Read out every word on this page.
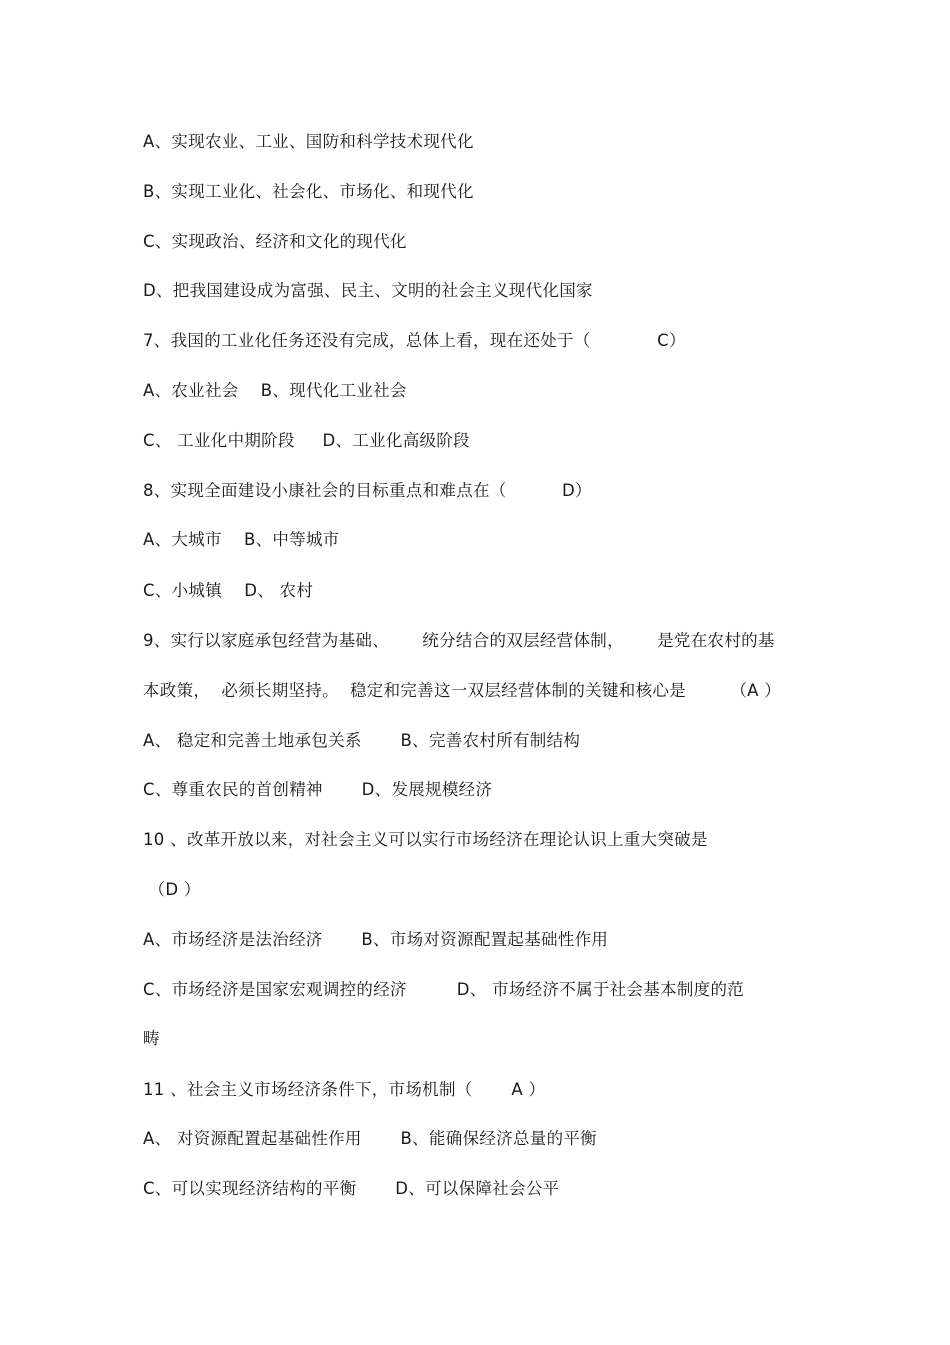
A、实现农业、工业、国防和科学技术现代化
B、实现工业化、社会化、市场化、和现代化
C、实现政治、经济和文化的现代化
D、把我国建设成为富强、民主、文明的社会主义现代化国家
7、我国的工业化任务还没有完成，总体上看，现在还处于（            C）
A、农业社会    B、现代化工业社会
C、 工业化中期阶段     D、工业化高级阶段
8、实现全面建设小康社会的目标重点和难点在（          D）
A、大城市    B、中等城市
C、小城镇    D、 农村
9、实行以家庭承包经营为基础、      统分结合的双层经营体制，      是党在农村的基
本政策，  必须长期坚持。  稳定和完善这一双层经营体制的关键和核心是        （A ）
A、 稳定和完善土地承包关系       B、完善农村所有制结构
C、尊重农民的首创精神       D、发展规模经济
10 、改革开放以来，对社会主义可以实行市场经济在理论认识上重大突破是
（D ）
A、市场经济是法治经济       B、市场对资源配置起基础性作用
C、市场经济是国家宏观调控的经济         D、 市场经济不属于社会基本制度的范
畴
11 、社会主义市场经济条件下，市场机制（       A ）
A、 对资源配置起基础性作用       B、能确保经济总量的平衡
C、可以实现经济结构的平衡       D、可以保障社会公平
